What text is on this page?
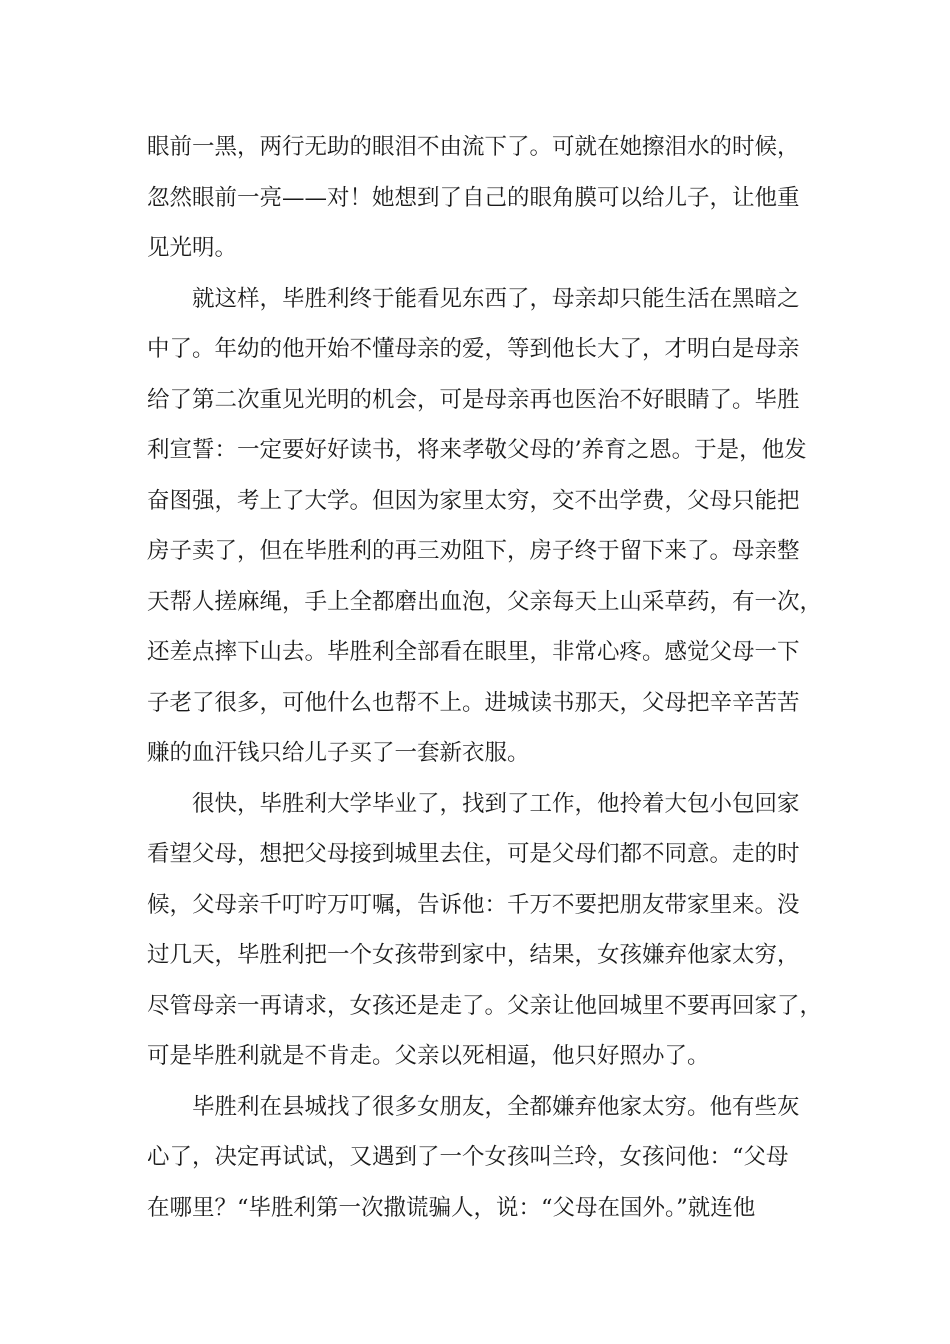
眼前一黑，两行无助的眼泪不由流下了。可就在她擦泪水的时候，
忽然眼前一亮——对！她想到了自己的眼角膜可以给儿子，让他重
见光明。
就这样，毕胜利终于能看见东西了，母亲却只能生活在黑暗之
中了。年幼的他开始不懂母亲的爱，等到他长大了，才明白是母亲
给了第二次重见光明的机会，可是母亲再也医治不好眼睛了。毕胜
利宣誓：一定要好好读书，将来孝敬父母的’养育之恩。于是，他发
奋图强，考上了大学。但因为家里太穷，交不出学费，父母只能把
房子卖了，但在毕胜利的再三劝阻下，房子终于留下来了。母亲整
天帮人搓麻绳，手上全都磨出血泡，父亲每天上山采草药，有一次，
还差点摔下山去。毕胜利全部看在眼里，非常心疼。感觉父母一下
子老了很多，可他什么也帮不上。进城读书那天，父母把辛辛苦苦
赚的血汗钱只给儿子买了一套新衣服。
很快，毕胜利大学毕业了，找到了工作，他拎着大包小包回家
看望父母，想把父母接到城里去住，可是父母们都不同意。走的时
候，父母亲千叮咛万叮嘱，告诉他：千万不要把朋友带家里来。没
过几天，毕胜利把一个女孩带到家中，结果，女孩嫌弃他家太穷，
尽管母亲一再请求，女孩还是走了。父亲让他回城里不要再回家了，
可是毕胜利就是不肯走。父亲以死相逼，他只好照办了。
毕胜利在县城找了很多女朋友，全都嫌弃他家太穷。他有些灰
心了，决定再试试，又遇到了一个女孩叫兰玲，女孩问他：“父母
在哪里？“毕胜利第一次撒谎骗人，说：“父母在国外。”就连他
